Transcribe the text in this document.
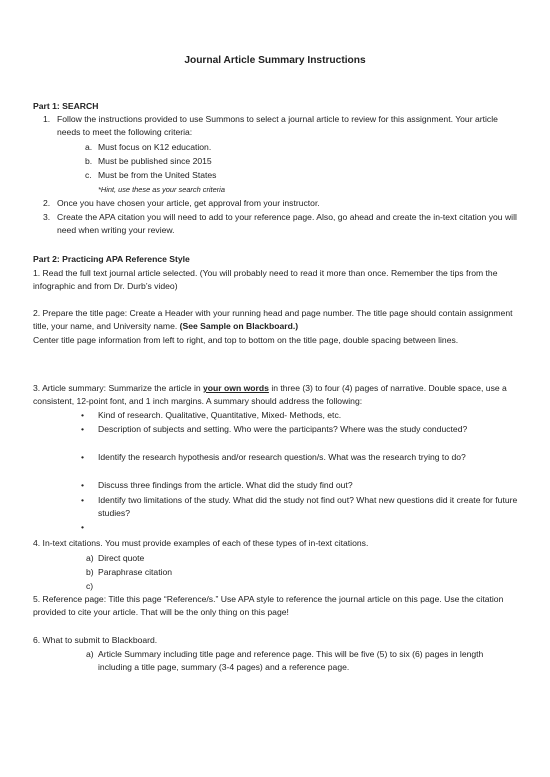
Journal Article Summary Instructions
Part 1: SEARCH
1. Follow the instructions provided to use Summons to select a journal article to review for this assignment. Your article needs to meet the following criteria:
a. Must focus on K12 education.
b. Must be published since 2015
c. Must be from the United States
*Hint, use these as your search criteria
2. Once you have chosen your article, get approval from your instructor.
3. Create the APA citation you will need to add to your reference page. Also, go ahead and create the in-text citation you will need when writing your review.
Part 2: Practicing APA Reference Style
1. Read the full text journal article selected. (You will probably need to read it more than once. Remember the tips from the infographic and from Dr. Durb’s video)
2. Prepare the title page: Create a Header with your running head and page number. The title page should contain assignment title, your name, and University name. (See Sample on Blackboard.)
Center title page information from left to right, and top to bottom on the title page, double spacing between lines.
3. Article summary: Summarize the article in your own words in three (3) to four (4) pages of narrative. Double space, use a consistent, 12-point font, and 1 inch margins. A summary should address the following:
• Kind of research. Qualitative, Quantitative, Mixed- Methods, etc.
• Description of subjects and setting. Who were the participants? Where was the study conducted?
• Identify the research hypothesis and/or research question/s. What was the research trying to do?
• Discuss three findings from the article. What did the study find out?
• Identify two limitations of the study. What did the study not find out? What new questions did it create for future studies?
•
4. In-text citations. You must provide examples of each of these types of in-text citations.
a) Direct quote
b) Paraphrase citation
c)
5. Reference page: Title this page “Reference/s.” Use APA style to reference the journal article on this page. Use the citation provided to cite your article. That will be the only thing on this page!
6. What to submit to Blackboard.
a) Article Summary including title page and reference page. This will be five (5) to six (6) pages in length including a title page, summary (3-4 pages) and a reference page.
